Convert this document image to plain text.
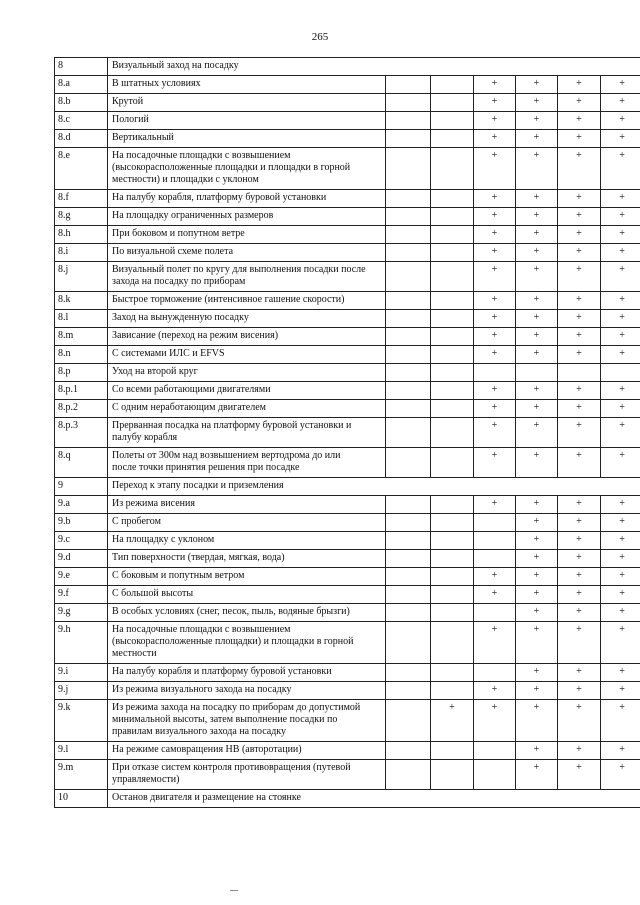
265
8	Визуальный заход на посадку						
8.a	В штатных условиях			+	+	+	+
8.b	Крутой			+	+	+	+
8.c	Пологий			+	+	+	+
8.d	Вертикальный			+	+	+	+
8.e	На посадочные площадки с возвышением
(высокорасположенные площадки и площадки в горной
местности) и площадки с уклоном			+	+	+	+
8.f	На палубу корабля, платформу буровой установки			+	+	+	+
8.g	На площадку ограниченных размеров			+	+	+	+
8.h	При боковом и попутном ветре			+	+	+	+
8.i	По визуальной схеме полета			+	+	+	+
8.j	Визуальный полет по кругу для выполнения посадки после
захода на посадку по приборам			+	+	+	+
8.k	Быстрое торможение (интенсивное гашение скорости)			+	+	+	+
8.l	Заход на вынужденную посадку			+	+	+	+
8.m	Зависание (переход на режим висения)			+	+	+	+
8.n	С системами ИЛС и EFVS			+	+	+	+
8.p	Уход на второй круг						
8.p.1	Со всеми работающими двигателями			+	+	+	+
8.p.2	С одним неработающим двигателем			+	+	+	+
8.p.3	Прерванная посадка на платформу буровой установки и
палубу корабля			+	+	+	+
8.q	Полеты от 300м над возвышением вертодрома до или
после точки принятия решения при посадке			+	+	+	+
9	Переход к этапу посадки и приземления						
9.a	Из режима висения			+	+	+	+
9.b	С пробегом				+	+	+
9.c	На площадку с уклоном				+	+	+
9.d	Тип поверхности (твердая, мягкая, вода)				+	+	+
9.e	С боковым и попутным ветром			+	+	+	+
9.f	С большой высоты			+	+	+	+
9.g	В особых условиях (снег, песок, пыль, водяные брызги)				+	+	+
9.h	На посадочные площадки с возвышением
(высокорасположенные площадки) и площадки в горной
местности			+	+	+	+
9.i	На палубу корабля и платформу буровой установки				+	+	+
9.j	Из режима визуального захода на посадку			+	+	+	+
9.k	Из режима захода на посадку по приборам до допустимой
минимальной высоты, затем выполнение посадки по
правилам визуального захода на посадку		+	+	+	+	+
9.l	На режиме самовращения НВ (авторотации)				+	+	+
9.m	При отказе систем контроля противовращения (путевой
управляемости)				+	+	+
10	Останов двигателя и размещение на стоянке						
